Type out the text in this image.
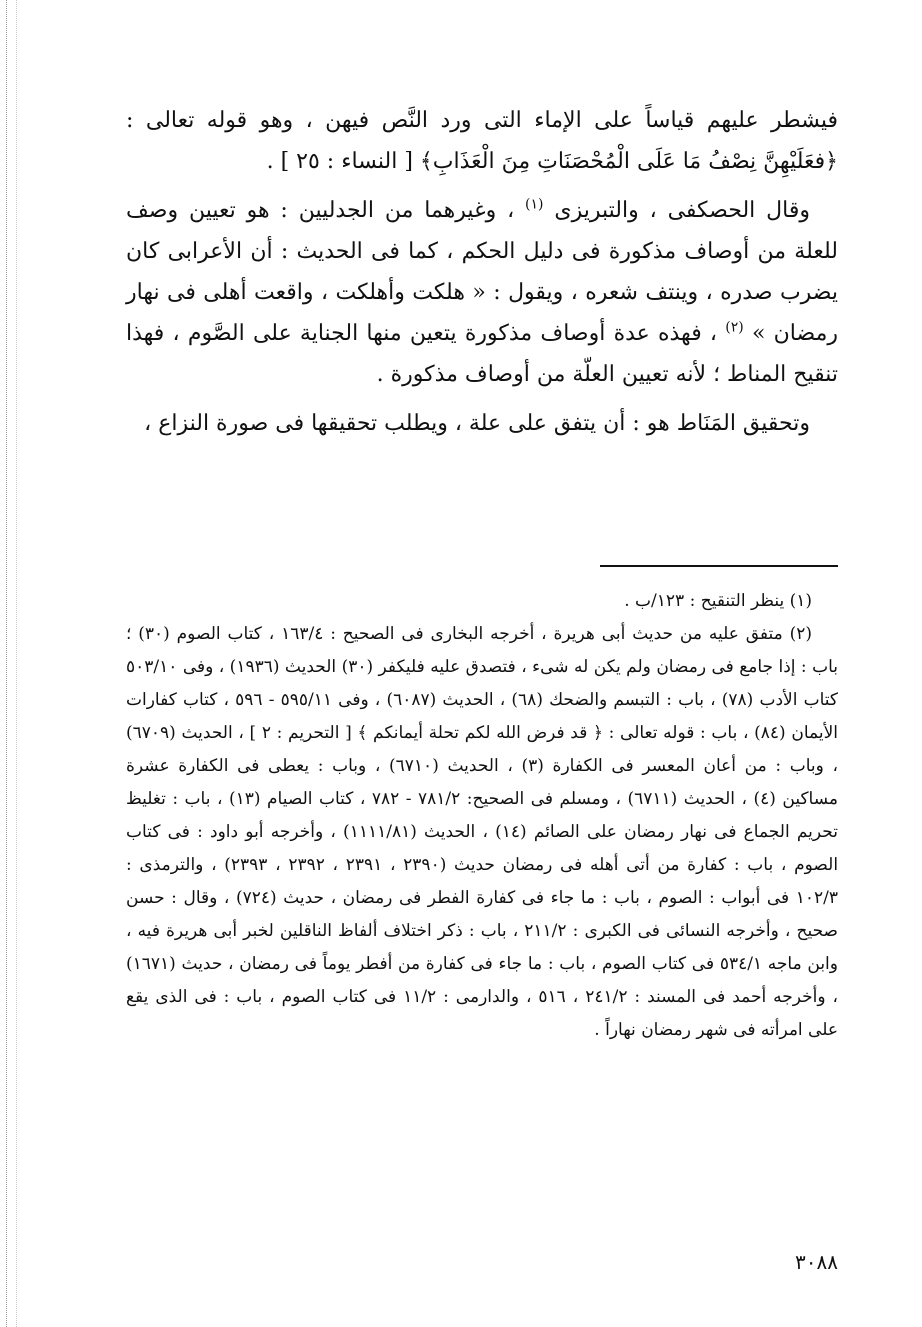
فيشطر عليهم قياساً على الإماء التى ورد النَّص فيهن ، وهو قوله تعالى : ﴿فعَلَيْهِنَّ نِصْفُ مَا عَلَى الْمُحْصَنَاتِ مِنَ الْعَذَابِ﴾ [ النساء : ٢٥ ] .

وقال الحصكفى ، والتبريزى $^{(١)}$ ، وغيرهما من الجدليين : هو تعيين وصف للعلة من أوصاف مذكورة فى دليل الحكم ، كما فى الحديث : أن الأعرابى كان يضرب صدره ، وينتف شعره ، ويقول : « هلكت وأهلكت ، واقعت أهلى فى نهار رمضان » $^{(٢)}$ ، فهذه عدة أوصاف مذكورة يتعين منها الجناية على الصَّوم ، فهذا تنقيح المناط ؛ لأنه تعيين العلّة من أوصاف مذكورة .

وتحقيق المَنَاط هو : أن يتفق على علة ، ويطلب تحقيقها فى صورة النزاع ،

(١) ينظر التنقيح : ١٢٣/ب .

(٢) متفق عليه من حديث أبى هريرة ، أخرجه البخارى فى الصحيح : ١٦٣/٤ ، كتاب الصوم (٣٠) ؛ باب : إذا جامع فى رمضان ولم يكن له شىء ، فتصدق عليه فليكفر (٣٠) الحديث (١٩٣٦) ، وفى ٥٠٣/١٠ كتاب الأدب (٧٨) ، باب : التبسم والضحك (٦٨) ، الحديث (٦٠٨٧) ، وفى ٥٩٥/١١ - ٥٩٦ ، كتاب كفارات الأيمان (٨٤) ، باب : قوله تعالى : ﴿ قد فرض الله لكم تحلة أيمانكم ﴾ [ التحريم : ٢ ] ، الحديث (٦٧٠٩) ، وباب : من أعان المعسر فى الكفارة (٣) ، الحديث (٦٧١٠) ، وباب : يعطى فى الكفارة عشرة مساكين (٤) ، الحديث (٦٧١١) ، ومسلم فى الصحيح: ٧٨١/٢ - ٧٨٢ ، كتاب الصيام (١٣) ، باب : تغليظ تحريم الجماع فى نهار رمضان على الصائم (١٤) ، الحديث (١١١١/٨١) ، وأخرجه أبو داود : فى كتاب الصوم ، باب : كفارة من أتى أهله فى رمضان حديث (٢٣٩٠ ، ٢٣٩١ ، ٢٣٩٢ ، ٢٣٩٣) ، والترمذى : ١٠٢/٣ فى أبواب : الصوم ، باب : ما جاء فى كفارة الفطر فى رمضان ، حديث (٧٢٤) ، وقال : حسن صحيح ، وأخرجه النسائى فى الكبرى : ٢١١/٢ ، باب : ذكر اختلاف ألفاظ الناقلين لخبر أبى هريرة فيه ، وابن ماجه ٥٣٤/١ فى كتاب الصوم ، باب : ما جاء فى كفارة من أفطر يوماً فى رمضان ، حديث (١٦٧١) ، وأخرجه أحمد فى المسند : ٢٤١/٢ ، ٥١٦ ، والدارمى : ١١/٢ فى كتاب الصوم ، باب : فى الذى يقع على امرأته فى شهر رمضان نهاراً .

٣٠٨٨
